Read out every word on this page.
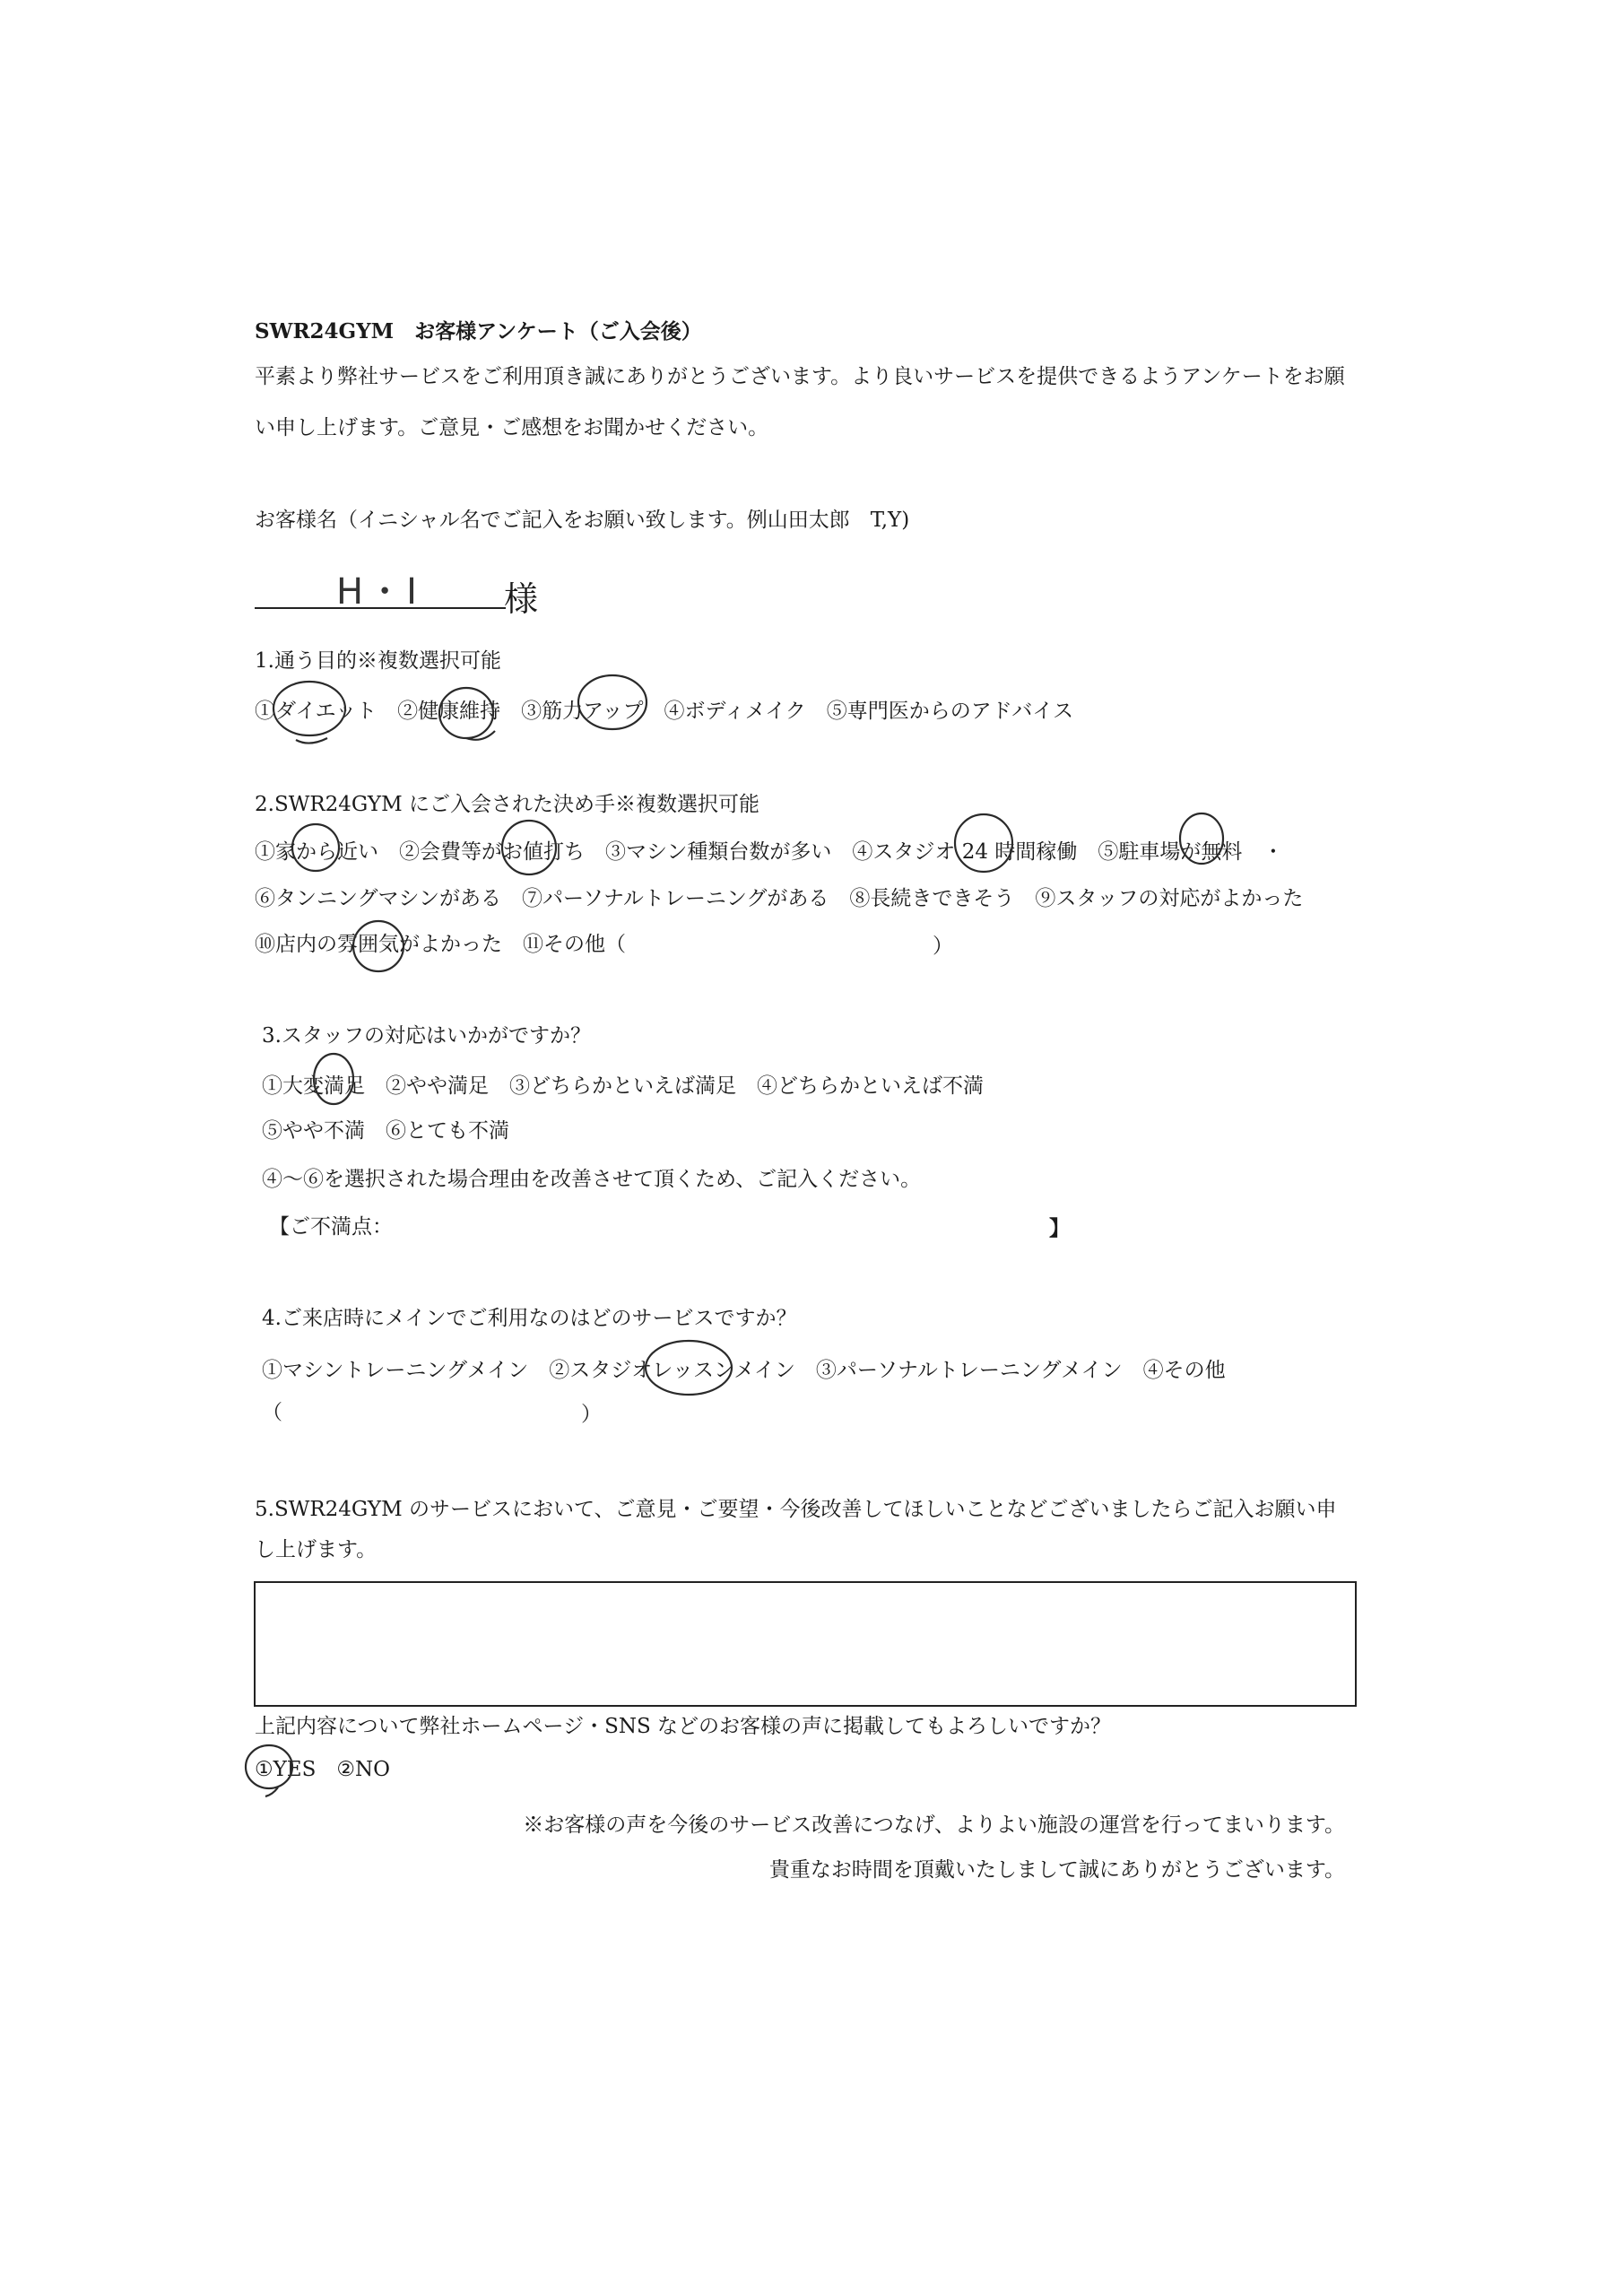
SWR24GYM　お客様アンケート（ご入会後）
平素より弊社サービスをご利用頂き誠にありがとうございます。より良いサービスを提供できるようアンケートをお願
い申し上げます。ご意見・ご感想をお聞かせください。
お客様名（イニシャル名でご記入をお願い致します。例山田太郎　T,Y)
H・I 様
1.通う目的※複数選択可能
①ダイエット　②健康維持　③筋力アップ　④ボディメイク　⑤専門医からのアドバイス
2.SWR24GYM にご入会された決め手※複数選択可能
①家から近い　②会費等がお値打ち　③マシン種類台数が多い　④スタジオ 24 時間稼働　⑤駐車場が無料　・
⑥タンニングマシンがある　⑦パーソナルトレーニングがある　⑧長続きできそう　⑨スタッフの対応がよかった
⑩店内の雰囲気がよかった　⑪その他（	）
3.スタッフの対応はいかがですか？
①大変満足　②やや満足　③どちらかといえば満足　④どちらかといえば不満
⑤やや不満　⑥とても不満
④〜⑥を選択された場合理由を改善させて頂くため、ご記入ください。
【ご不満点：	】
4.ご来店時にメインでご利用なのはどのサービスですか？
①マシントレーニングメイン　②スタジオレッスンメイン　③パーソナルトレーニングメイン　④その他
（	）
5.SWR24GYM のサービスにおいて、ご意見・ご要望・今後改善してほしいことなどございましたらご記入お願い申
し上げます。
上記内容について弊社ホームページ・SNS などのお客様の声に掲載してもよろしいですか？
①YES　②NO
※お客様の声を今後のサービス改善につなげ、よりよい施設の運営を行ってまいります。
貴重なお時間を頂戴いたしまして誠にありがとうございます。
